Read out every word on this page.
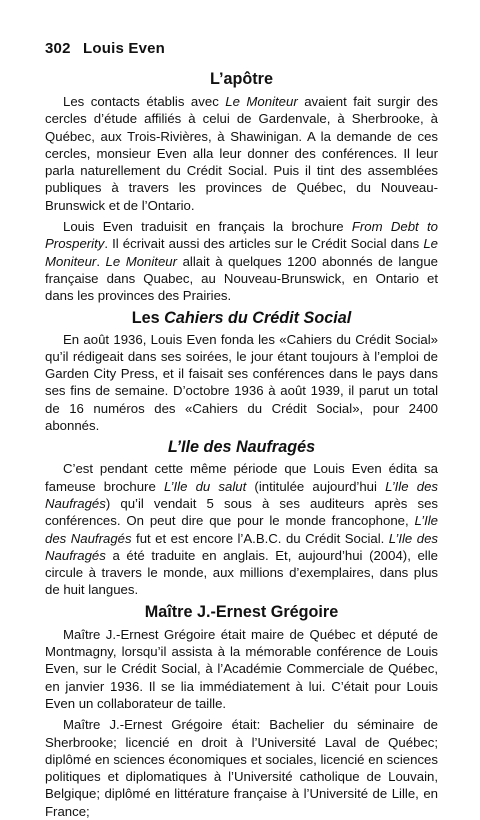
302 Louis Even
L’apôtre

Les contacts établis avec Le Moniteur avaient fait surgir des cercles d’étude affiliés à celui de Gardenvale, à Sherbrooke, à Québec, aux Trois-Rivières, à Shawinigan. A la demande de ces cercles, monsieur Even alla leur donner des conférences. Il leur parla naturellement du Crédit Social. Puis il tint des assemblées publiques à travers les provinces de Québec, du Nouveau-Brunswick et de l’Ontario.

Louis Even traduisit en français la brochure From Debt to Prosperity. Il écrivait aussi des articles sur le Crédit Social dans Le Moniteur. Le Moniteur allait à quelques 1200 abonnés de langue française dans Quabec, au Nouveau-Brunswick, en Ontario et dans les provinces des Prairies.

Les Cahiers du Crédit Social

En août 1936, Louis Even fonda les «Cahiers du Crédit Social» qu’il rédigeait dans ses soirées, le jour étant toujours à l’emploi de Garden City Press, et il faisait ses conférences dans le pays dans ses fins de semaine. D’octobre 1936 à août 1939, il parut un total de 16 numéros des «Cahiers du Crédit Social», pour 2400 abonnés.

L’Ile des Naufragés

C’est pendant cette même période que Louis Even édita sa fameuse brochure L’Ile du salut (intitulée aujourd’hui L’Ile des Naufragés) qu’il vendait 5 sous à ses auditeurs après ses conférences. On peut dire que pour le monde francophone, L’Ile des Naufragés fut et est encore l’A.B.C. du Crédit Social. L’Ile des Naufragés a été traduite en anglais. Et, aujourd’hui (2004), elle circule à travers le monde, aux millions d’exemplaires, dans plus de huit langues.

Maître J.-Ernest Grégoire

Maître J.-Ernest Grégoire était maire de Québec et député de Montmagny, lorsqu’il assista à la mémorable conférence de Louis Even, sur le Crédit Social, à l’Académie Commerciale de Québec, en janvier 1936. Il se lia immédiatement à lui. C’était pour Louis Even un collaborateur de taille.

Maître J.-Ernest Grégoire était: Bachelier du séminaire de Sherbrooke; licencié en droit à l’Université Laval de Québec; diplômé en sciences économiques et sociales, licencié en sciences politiques et diplomatiques à l’Université catholique de Louvain, Belgique; diplômé en littérature française à l’Université de Lille, en France;
